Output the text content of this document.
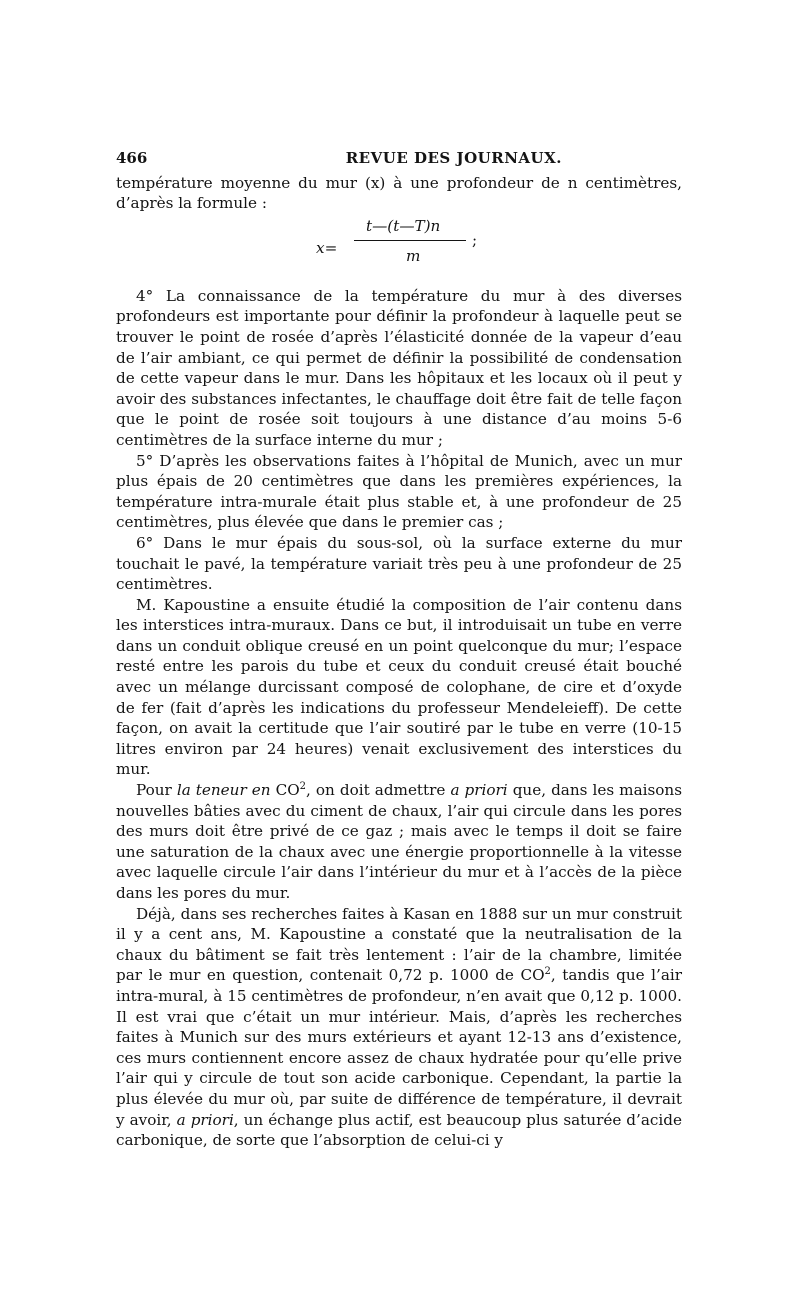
466	REVUE DES JOURNAUX.

température moyenne du mur (x) à une profondeur de n centimètres, d’après la formule :

x=
t—(t—T)n
m
;

4° La connaissance de la température du mur à des diverses profondeurs est importante pour définir la profondeur à laquelle peut se trouver le point de rosée d’après l’élasticité donnée de la vapeur d’eau de l’air ambiant, ce qui permet de définir la possibilité de condensation de cette vapeur dans le mur. Dans les hôpitaux et les locaux où il peut y avoir des substances infectantes, le chauffage doit être fait de telle façon que le point de rosée soit toujours à une distance d’au moins 5-6 centimètres de la surface interne du mur ;

5° D’après les observations faites à l’hôpital de Munich, avec un mur plus épais de 20 centimètres que dans les premières expériences, la température intra-murale était plus stable et, à une profondeur de 25 centimètres, plus élevée que dans le premier cas ;

6° Dans le mur épais du sous-sol, où la surface externe du mur touchait le pavé, la température variait très peu à une profondeur de 25 centimètres.

M. Kapoustine a ensuite étudié la composition de l’air contenu dans les interstices intra-muraux. Dans ce but, il introduisait un tube en verre dans un conduit oblique creusé en un point quelconque du mur; l’espace resté entre les parois du tube et ceux du conduit creusé était bouché avec un mélange durcissant composé de colophane, de cire et d’oxyde de fer (fait d’après les indications du professeur Mendeleieff). De cette façon, on avait la certitude que l’air soutiré par le tube en verre (10-15 litres environ par 24 heures) venait exclusivement des interstices du mur.

Pour la teneur en $CO^2$, on doit admettre a priori que, dans les maisons nouvelles bâties avec du ciment de chaux, l’air qui circule dans les pores des murs doit être privé de ce gaz ; mais avec le temps il doit se faire une saturation de la chaux avec une énergie proportionnelle à la vitesse avec laquelle circule l’air dans l’intérieur du mur et à l’accès de la pièce dans les pores du mur.

Déjà, dans ses recherches faites à Kasan en 1888 sur un mur construit il y a cent ans, M. Kapoustine a constaté que la neutralisation de la chaux du bâtiment se fait très lentement : l’air de la chambre, limitée par le mur en question, contenait 0,72 p. 1000 de $CO^2$, tandis que l’air intra-mural, à 15 centimètres de profondeur, n’en avait que 0,12 p. 1000. Il est vrai que c’était un mur intérieur. Mais, d’après les recherches faites à Munich sur des murs extérieurs et ayant 12-13 ans d’existence, ces murs contiennent encore assez de chaux hydratée pour qu’elle prive l’air qui y circule de tout son acide carbonique. Cependant, la partie la plus élevée du mur où, par suite de différence de température, il devrait y avoir, a priori, un échange plus actif, est beaucoup plus saturée d’acide carbonique, de sorte que l’absorption de celui-ci y
